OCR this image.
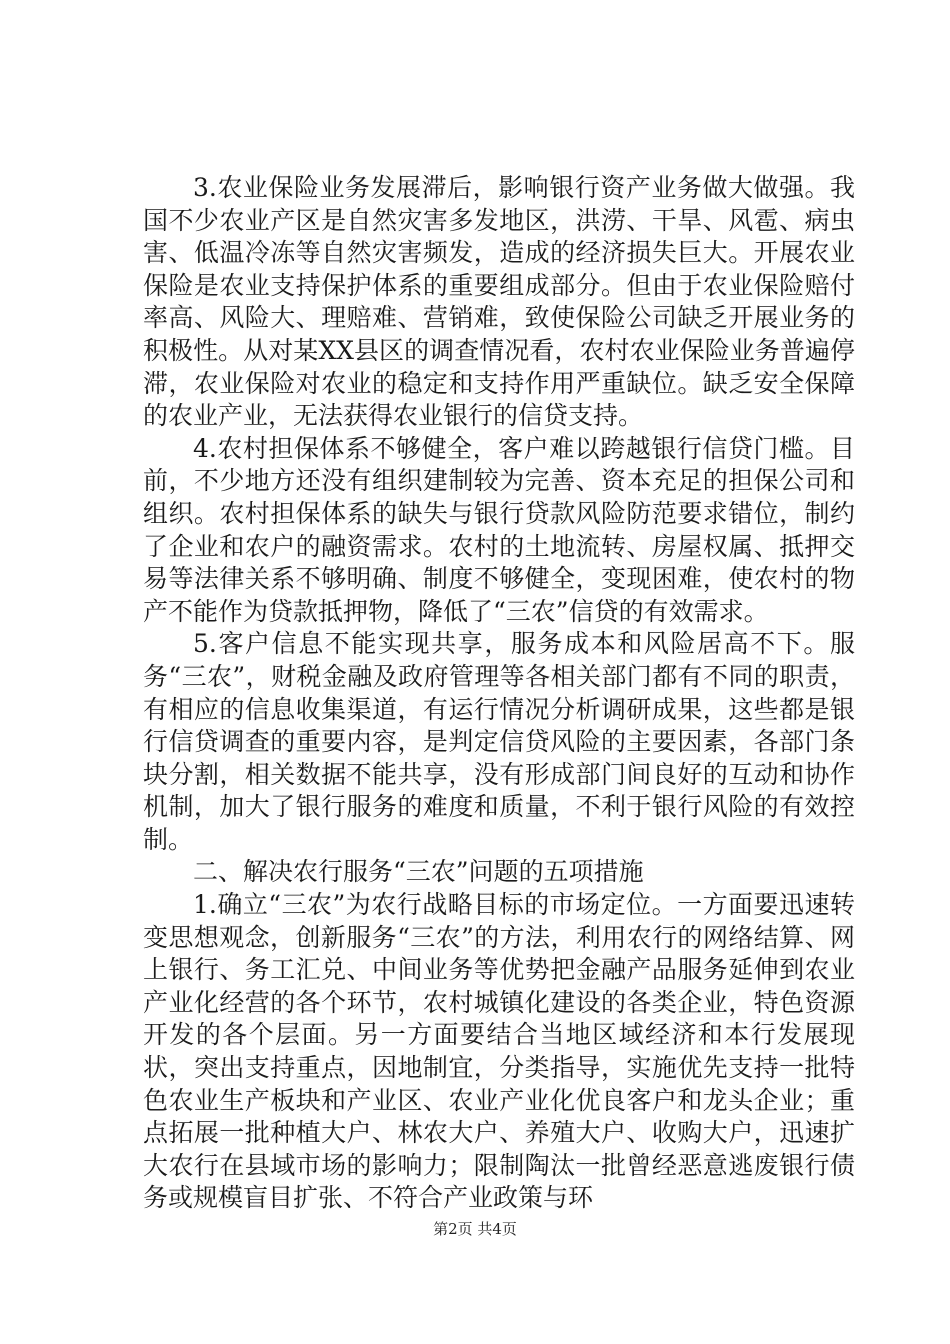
3.农业保险业务发展滞后，影响银行资产业务做大做强。我国不少农业产区是自然灾害多发地区，洪涝、干旱、风雹、病虫害、低温冷冻等自然灾害频发，造成的经济损失巨大。开展农业保险是农业支持保护体系的重要组成部分。但由于农业保险赔付率高、风险大、理赔难、营销难，致使保险公司缺乏开展业务的积极性。从对某XX县区的调查情况看，农村农业保险业务普遍停滞，农业保险对农业的稳定和支持作用严重缺位。缺乏安全保障的农业产业，无法获得农业银行的信贷支持。

4.农村担保体系不够健全，客户难以跨越银行信贷门槛。目前，不少地方还没有组织建制较为完善、资本充足的担保公司和组织。农村担保体系的缺失与银行贷款风险防范要求错位，制约了企业和农户的融资需求。农村的土地流转、房屋权属、抵押交易等法律关系不够明确、制度不够健全，变现困难，使农村的物产不能作为贷款抵押物，降低了“三农”信贷的有效需求。

5.客户信息不能实现共享，服务成本和风险居高不下。服务“三农”，财税金融及政府管理等各相关部门都有不同的职责，有相应的信息收集渠道，有运行情况分析调研成果，这些都是银行信贷调查的重要内容，是判定信贷风险的主要因素，各部门条块分割，相关数据不能共享，没有形成部门间良好的互动和协作机制，加大了银行服务的难度和质量，不利于银行风险的有效控制。

二、解决农行服务“三农”问题的五项措施

1.确立“三农”为农行战略目标的市场定位。一方面要迅速转变思想观念，创新服务“三农”的方法，利用农行的网络结算、网上银行、务工汇兑、中间业务等优势把金融产品服务延伸到农业产业化经营的各个环节，农村城镇化建设的各类企业，特色资源开发的各个层面。另一方面要结合当地区域经济和本行发展现状，突出支持重点，因地制宜，分类指导，实施优先支持一批特色农业生产板块和产业区、农业产业化优良客户和龙头企业；重点拓展一批种植大户、林农大户、养殖大户、收购大户，迅速扩大农行在县域市场的影响力；限制陶汰一批曾经恶意逃废银行债务或规模盲目扩张、不符合产业政策与环

第2页 共4页
